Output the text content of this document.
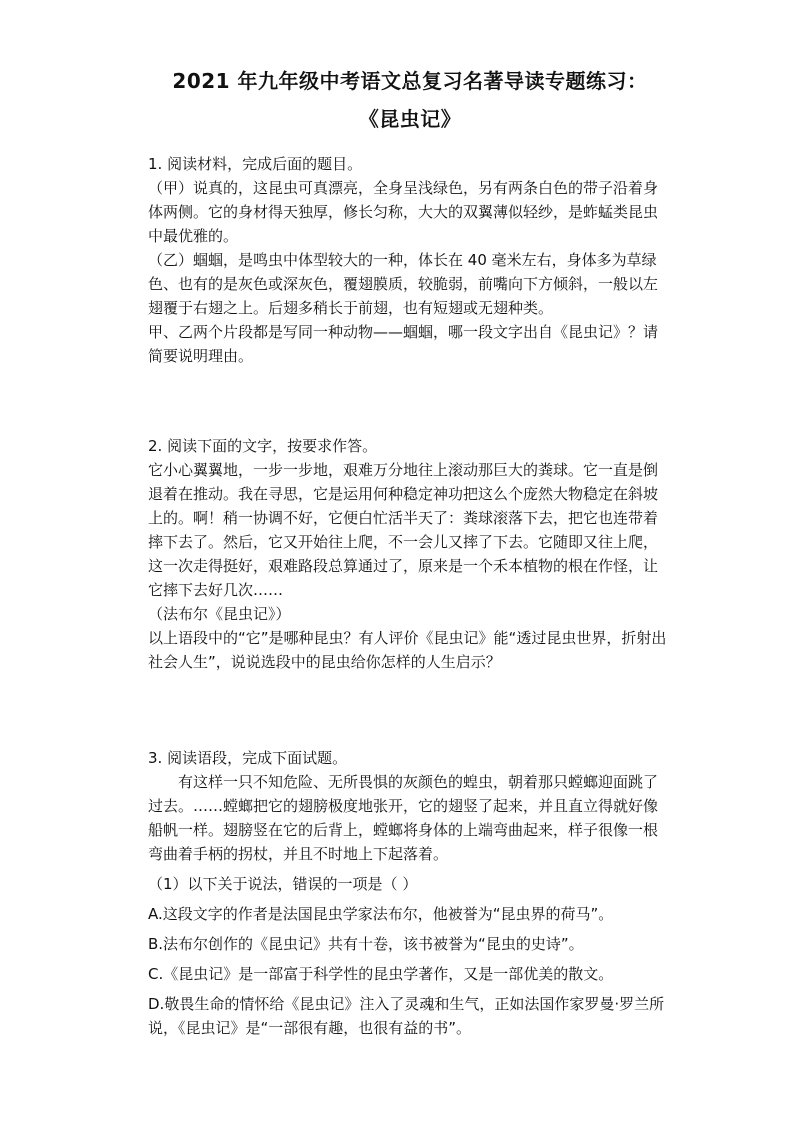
2021 年九年级中考语文总复习名著导读专题练习：
《昆虫记》

1. 阅读材料，完成后面的题目。

（甲）说真的，这昆虫可真漂亮，全身呈浅绿色，另有两条白色的带子沿着身体两侧。它的身材得天独厚，修长匀称，大大的双翼薄似轻纱，是蚱蜢类昆虫中最优雅的。

（乙）蝈蝈，是鸣虫中体型较大的一种，体长在 40 毫米左右，身体多为草绿色、也有的是灰色或深灰色，覆翅膜质，较脆弱，前嘴向下方倾斜，一般以左翅覆于右翅之上。后翅多稍长于前翅，也有短翅或无翅种类。

甲、乙两个片段都是写同一种动物——蝈蝈，哪一段文字出自《昆虫记》？请简要说明理由。

2. 阅读下面的文字，按要求作答。

它小心翼翼地，一步一步地，艰难万分地往上滚动那巨大的粪球。它一直是倒退着在推动。我在寻思，它是运用何种稳定神功把这么个庞然大物稳定在斜坡上的。啊！稍一协调不好，它便白忙活半天了：粪球滚落下去，把它也连带着摔下去了。然后，它又开始往上爬，不一会儿又摔了下去。它随即又往上爬，这一次走得挺好，艰难路段总算通过了，原来是一个禾本植物的根在作怪，让它摔下去好几次……

（法布尔《昆虫记》）

以上语段中的“它”是哪种昆虫？有人评价《昆虫记》能“透过昆虫世界，折射出社会人生”，说说选段中的昆虫给你怎样的人生启示？

3. 阅读语段，完成下面试题。

有这样一只不知危险、无所畏惧的灰颜色的蝗虫，朝着那只螳螂迎面跳了过去。……螳螂把它的翅膀极度地张开，它的翅竖了起来，并且直立得就好像船帆一样。翅膀竖在它的后背上，螳螂将身体的上端弯曲起来，样子很像一根弯曲着手柄的拐杖，并且不时地上下起落着。

（1）以下关于说法，错误的一项是（ ）

A.这段文字的作者是法国昆虫学家法布尔，他被誉为“昆虫界的荷马”。

B.法布尔创作的《昆虫记》共有十卷，该书被誉为“昆虫的史诗”。

C.《昆虫记》是一部富于科学性的昆虫学著作，又是一部优美的散文。

D.敬畏生命的情怀给《昆虫记》注入了灵魂和生气，正如法国作家罗曼·罗兰所说，《昆虫记》是“一部很有趣，也很有益的书”。
